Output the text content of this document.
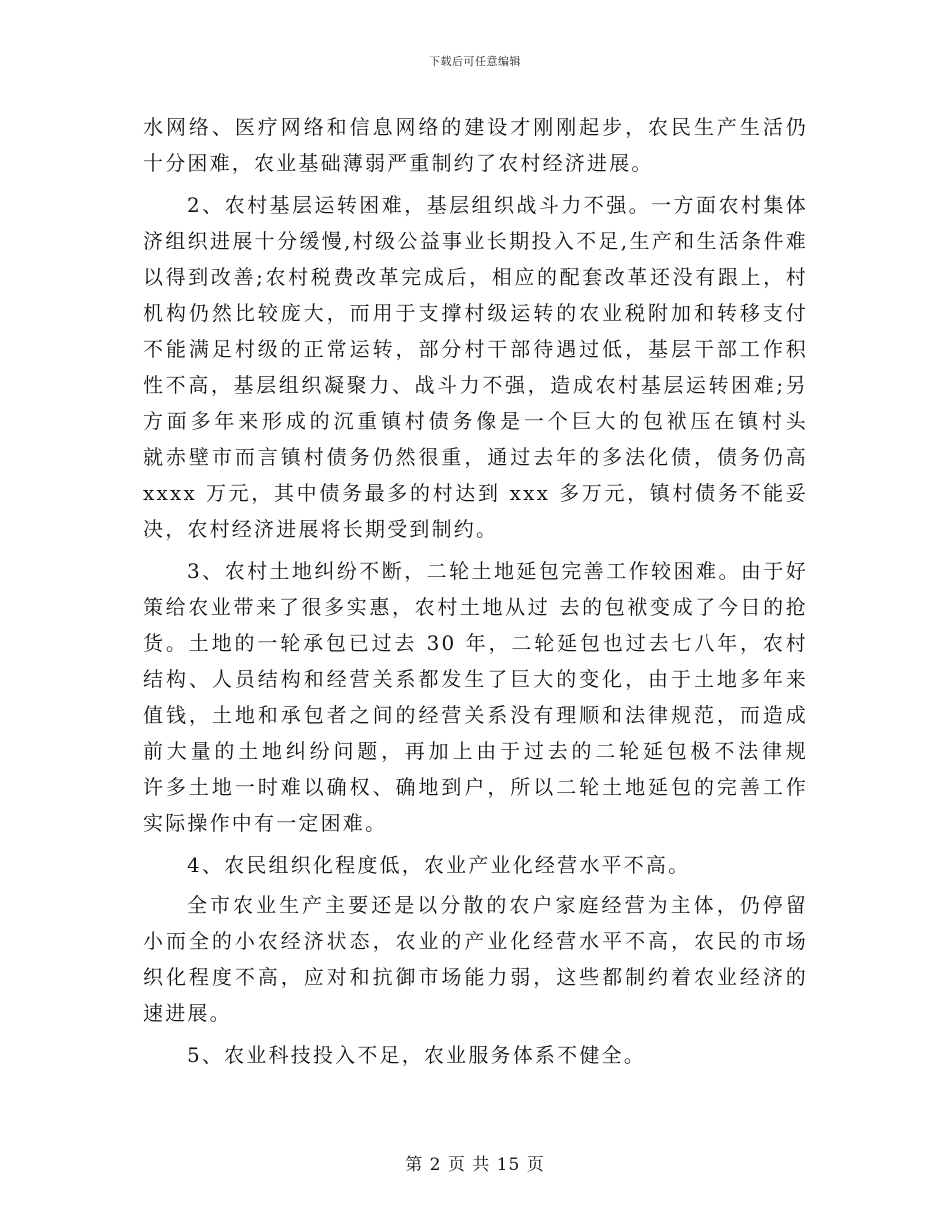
下载后可任意编辑
水网络、医疗网络和信息网络的建设才刚刚起步，农民生产生活仍
十分困难，农业基础薄弱严重制约了农村经济进展。
2、农村基层运转困难，基层组织战斗力不强。一方面农村集体
济组织进展十分缓慢,村级公益事业长期投入不足,生产和生活条件难
以得到改善;农村税费改革完成后，相应的配套改革还没有跟上，村
机构仍然比较庞大，而用于支撑村级运转的农业税附加和转移支付
不能满足村级的正常运转，部分村干部待遇过低，基层干部工作积
性不高，基层组织凝聚力、战斗力不强，造成农村基层运转困难;另
方面多年来形成的沉重镇村债务像是一个巨大的包袱压在镇村头
就赤壁市而言镇村债务仍然很重，通过去年的多法化债，债务仍高
xxxx 万元，其中债务最多的村达到 xxx 多万元，镇村债务不能妥
决，农村经济进展将长期受到制约。
3、农村土地纠纷不断，二轮土地延包完善工作较困难。由于好
策给农业带来了很多实惠，农村土地从过 去的包袱变成了今日的抢
货。土地的一轮承包已过去 30 年，二轮延包也过去七八年，农村
结构、人员结构和经营关系都发生了巨大的变化，由于土地多年来
值钱，土地和承包者之间的经营关系没有理顺和法律规范，而造成
前大量的土地纠纷问题，再加上由于过去的二轮延包极不法律规
许多土地一时难以确权、确地到户，所以二轮土地延包的完善工作
实际操作中有一定困难。
4、农民组织化程度低，农业产业化经营水平不高。
全市农业生产主要还是以分散的农户家庭经营为主体，仍停留
小而全的小农经济状态，农业的产业化经营水平不高，农民的市场
织化程度不高，应对和抗御市场能力弱，这些都制约着农业经济的
速进展。
5、农业科技投入不足，农业服务体系不健全。
第 2 页 共 15 页
